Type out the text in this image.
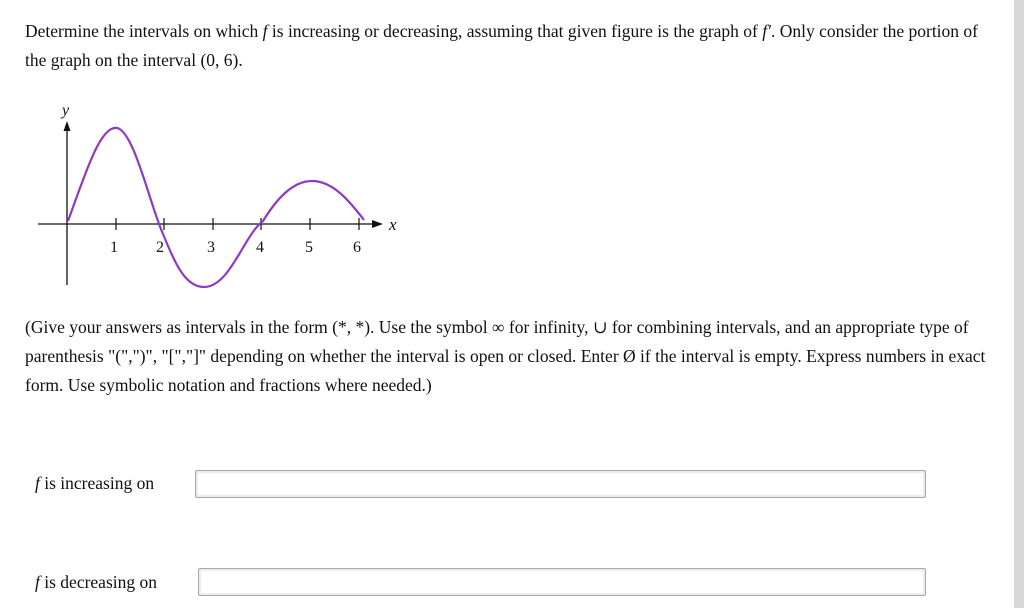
Determine the intervals on which f is increasing or decreasing, assuming that given figure is the graph of f′. Only consider the portion of the graph on the interval (0, 6).
y
x
1 2	3	4	5	6
(Give your answers as intervals in the form (*, *). Use the symbol ∞ for infinity, ∪ for combining intervals, and an appropriate type of parenthesis "(",")", "[","]" depending on whether the interval is open or closed. Enter Ø if the interval is empty. Express numbers in exact form. Use symbolic notation and fractions where needed.)
f is increasing on
f is decreasing on
